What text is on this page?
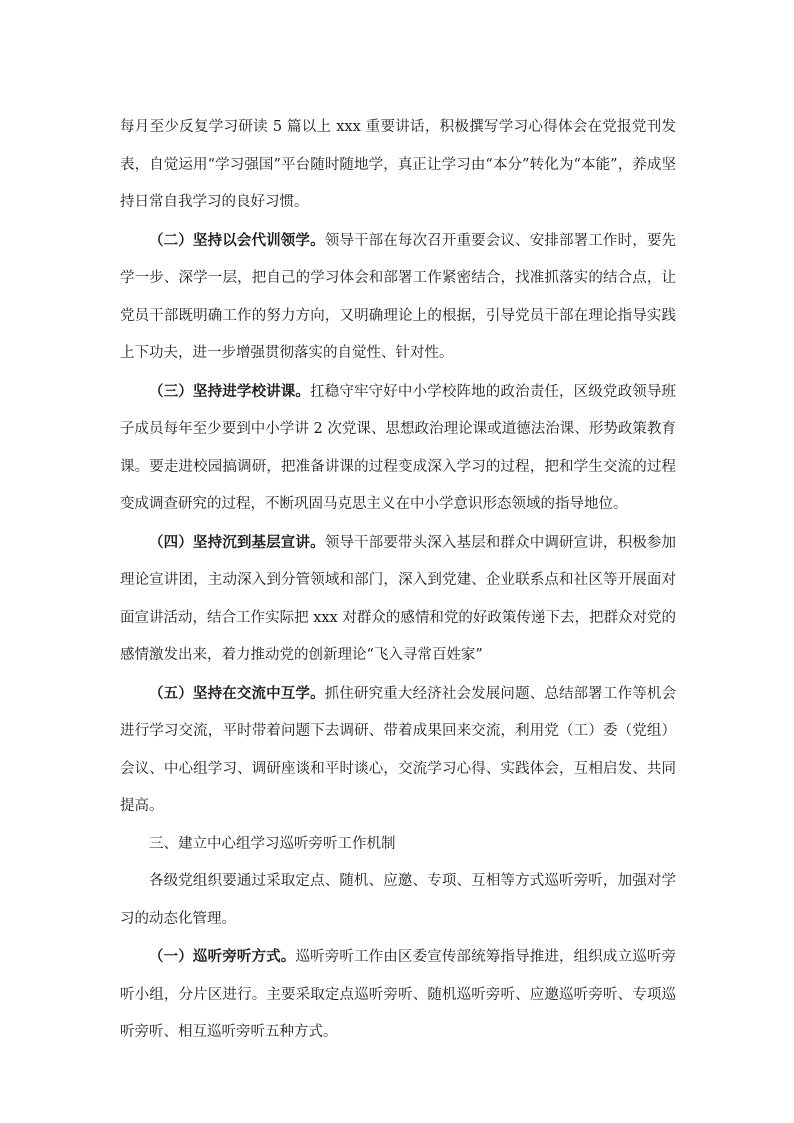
每月至少反复学习研读 5 篇以上 xxx 重要讲话，积极撰写学习心得体会在党报党刊发表，自觉运用“学习强国”平台随时随地学，真正让学习由“本分”转化为“本能”，养成坚持日常自我学习的良好习惯。

（二）坚持以会代训领学。领导干部在每次召开重要会议、安排部署工作时，要先学一步、深学一层，把自己的学习体会和部署工作紧密结合，找准抓落实的结合点，让党员干部既明确工作的努力方向，又明确理论上的根据，引导党员干部在理论指导实践上下功夫，进一步增强贯彻落实的自觉性、针对性。

（三）坚持进学校讲课。扛稳守牢守好中小学校阵地的政治责任，区级党政领导班子成员每年至少要到中小学讲 2 次党课、思想政治理论课或道德法治课、形势政策教育课。要走进校园搞调研，把准备讲课的过程变成深入学习的过程，把和学生交流的过程变成调查研究的过程，不断巩固马克思主义在中小学意识形态领域的指导地位。

（四）坚持沉到基层宣讲。领导干部要带头深入基层和群众中调研宣讲，积极参加理论宣讲团，主动深入到分管领域和部门，深入到党建、企业联系点和社区等开展面对面宣讲活动，结合工作实际把 xxx 对群众的感情和党的好政策传递下去，把群众对党的感情激发出来，着力推动党的创新理论“飞入寻常百姓家”

（五）坚持在交流中互学。抓住研究重大经济社会发展问题、总结部署工作等机会进行学习交流，平时带着问题下去调研、带着成果回来交流，利用党（工）委（党组）会议、中心组学习、调研座谈和平时谈心，交流学习心得、实践体会，互相启发、共同提高。

三、建立中心组学习巡听旁听工作机制

各级党组织要通过采取定点、随机、应邀、专项、互相等方式巡听旁听，加强对学习的动态化管理。

（一）巡听旁听方式。巡听旁听工作由区委宣传部统筹指导推进，组织成立巡听旁听小组，分片区进行。主要采取定点巡听旁听、随机巡听旁听、应邀巡听旁听、专项巡听旁听、相互巡听旁听五种方式。
